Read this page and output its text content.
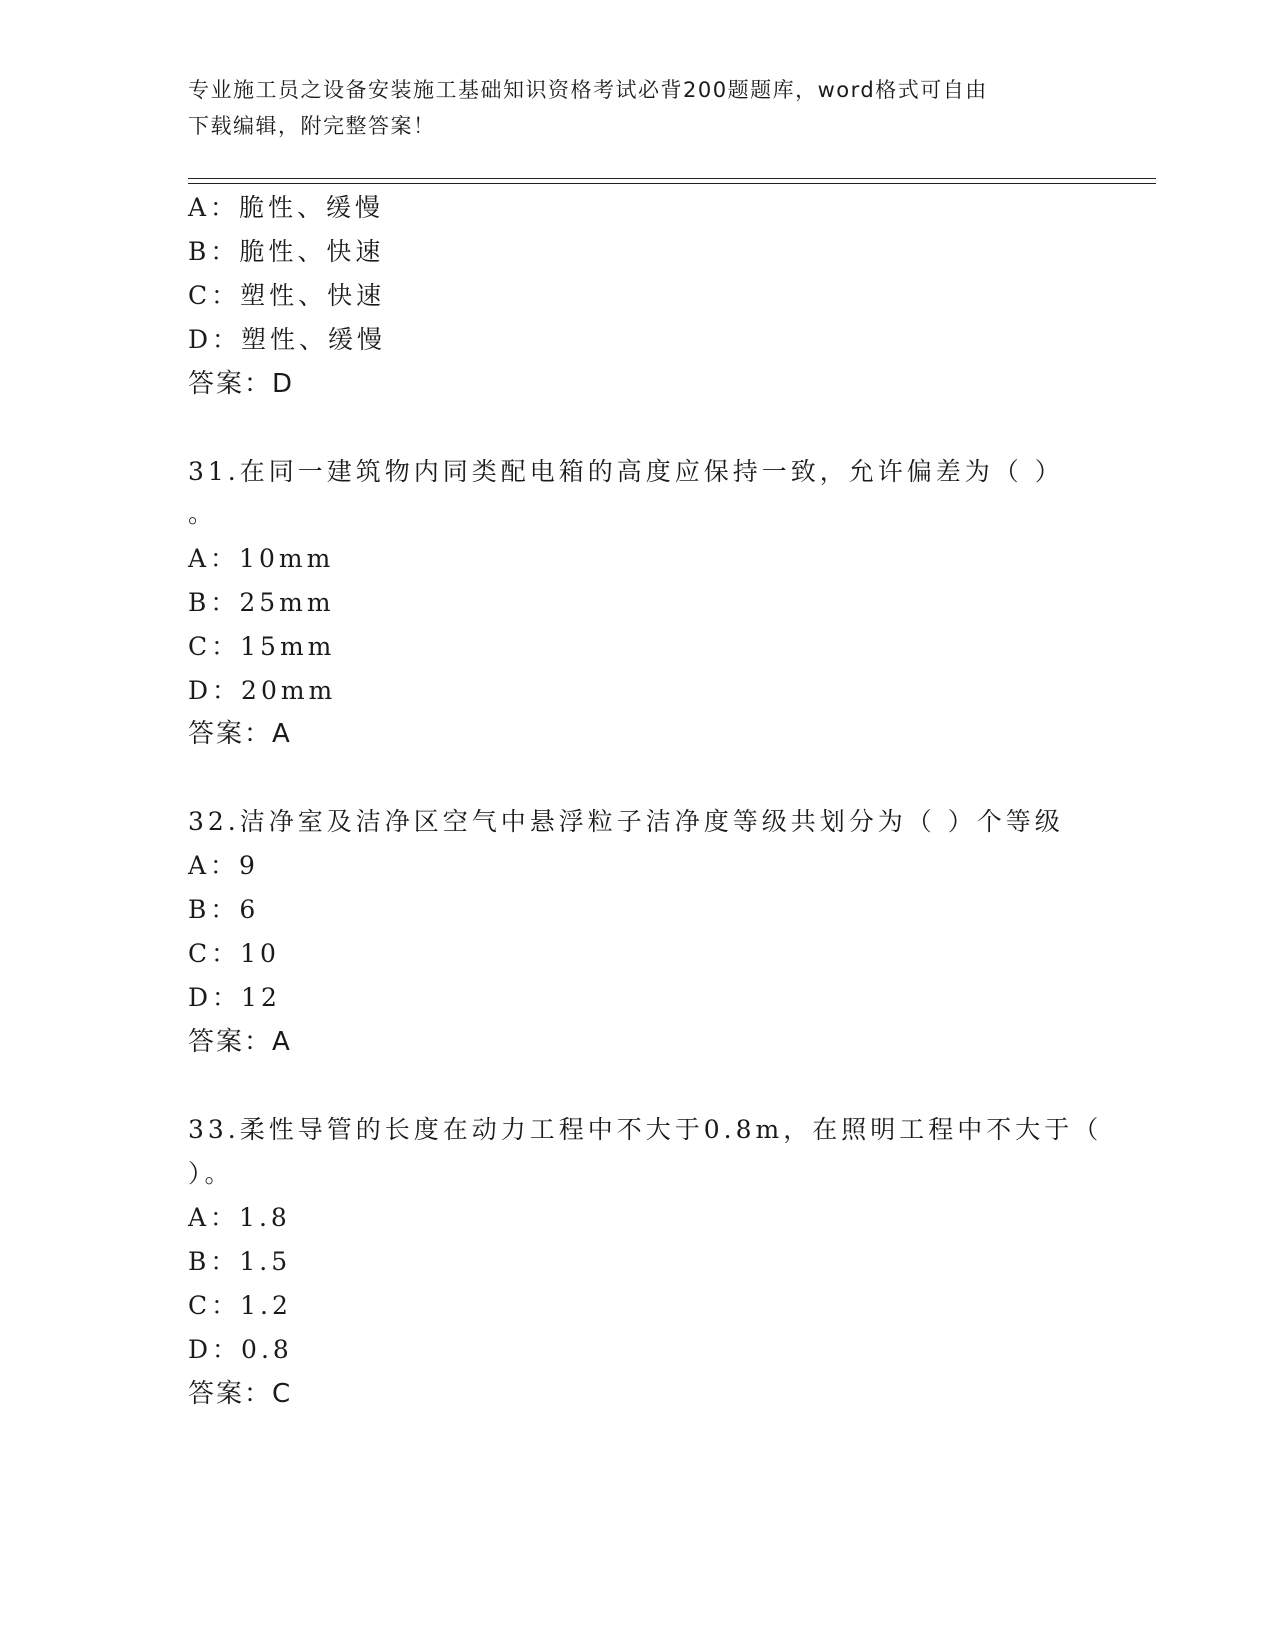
专业施工员之设备安装施工基础知识资格考试必背200题题库，word格式可自由
下载编辑，附完整答案！
A：脆性、缓慢
B：脆性、快速
C：塑性、快速
D：塑性、缓慢
答案：D
31.在同一建筑物内同类配电箱的高度应保持一致，允许偏差为（ ）
。
A：10mm
B：25mm
C：15mm
D：20mm
答案：A
32.洁净室及洁净区空气中悬浮粒子洁净度等级共划分为（ ）个等级
A：9
B：6
C：10
D：12
答案：A
33.柔性导管的长度在动力工程中不大于0.8m，在照明工程中不大于（
）。
A：1.8
B：1.5
C：1.2
D：0.8
答案：C
